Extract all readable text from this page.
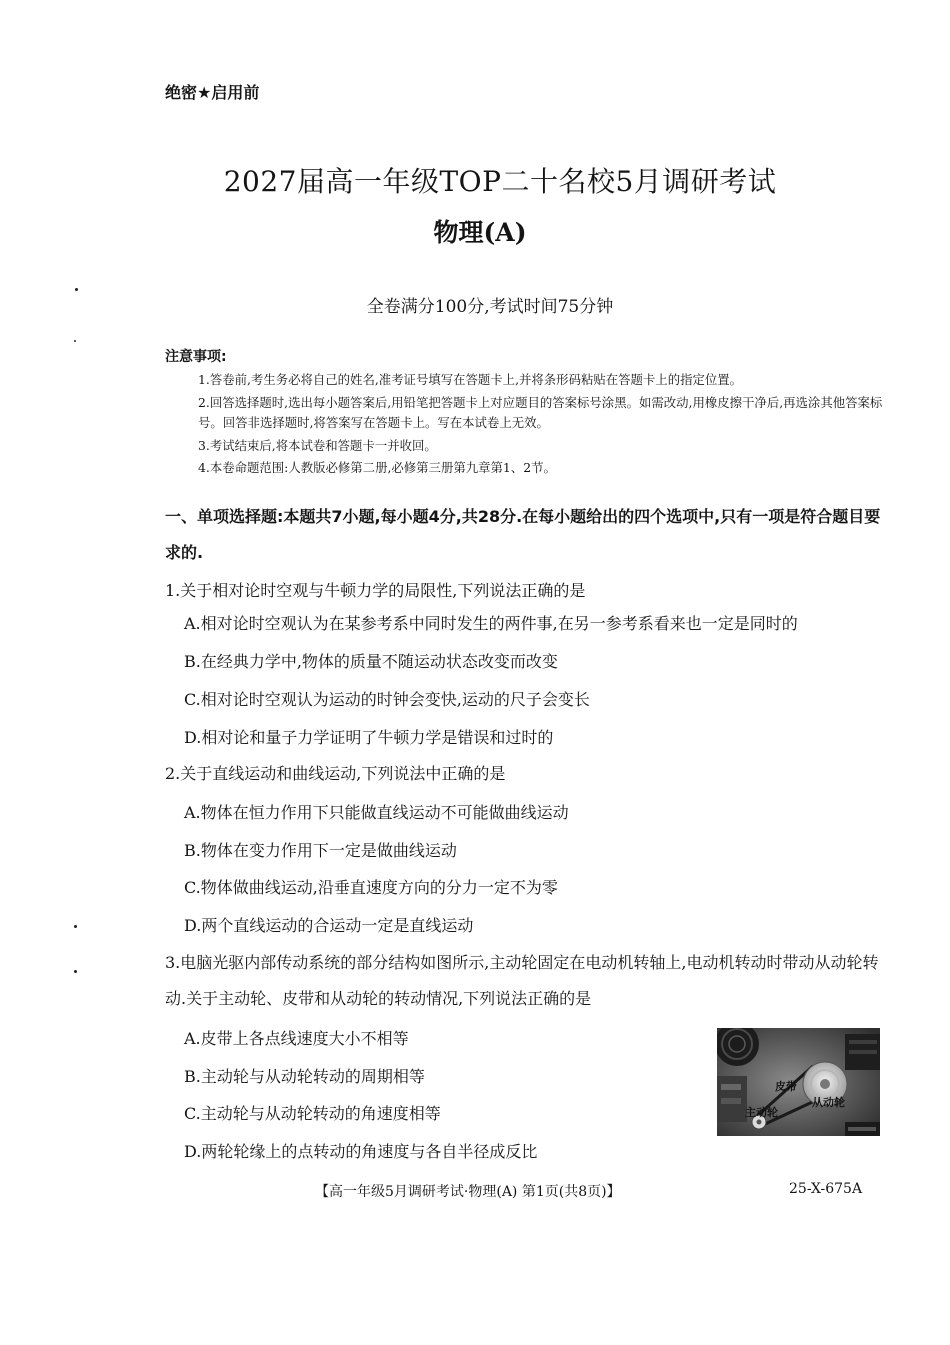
绝密★启用前
2027届高一年级TOP二十名校5月调研考试
物理(A)
全卷满分100分,考试时间75分钟
注意事项:
1.答卷前,考生务必将自己的姓名,准考证号填写在答题卡上,并将条形码粘贴在答题卡上的指定位置。
2.回答选择题时,选出每小题答案后,用铅笔把答题卡上对应题目的答案标号涂黑。如需改动,用橡皮擦干净后,再选涂其他答案标号。回答非选择题时,将答案写在答题卡上。写在本试卷上无效。
3.考试结束后,将本试卷和答题卡一并收回。
4.本卷命题范围:人教版必修第二册,必修第三册第九章第1、2节。
一、单项选择题:本题共7小题,每小题4分,共28分.在每小题给出的四个选项中,只有一项是符合题目要求的.
1.关于相对论时空观与牛顿力学的局限性,下列说法正确的是
A.相对论时空观认为在某参考系中同时发生的两件事,在另一参考系看来也一定是同时的
B.在经典力学中,物体的质量不随运动状态改变而改变
C.相对论时空观认为运动的时钟会变快,运动的尺子会变长
D.相对论和量子力学证明了牛顿力学是错误和过时的
2.关于直线运动和曲线运动,下列说法中正确的是
A.物体在恒力作用下只能做直线运动不可能做曲线运动
B.物体在变力作用下一定是做曲线运动
C.物体做曲线运动,沿垂直速度方向的分力一定不为零
D.两个直线运动的合运动一定是直线运动
3.电脑光驱内部传动系统的部分结构如图所示,主动轮固定在电动机转轴上,电动机转动时带动从动轮转动.关于主动轮、皮带和从动轮的转动情况,下列说法正确的是
A.皮带上各点线速度大小不相等
B.主动轮与从动轮转动的周期相等
C.主动轮与从动轮转动的角速度相等
D.两轮轮缘上的点转动的角速度与各自半径成反比
皮带
从动轮
主动轮
【高一年级5月调研考试·物理(A) 第1页(共8页)】	25-X-675A
